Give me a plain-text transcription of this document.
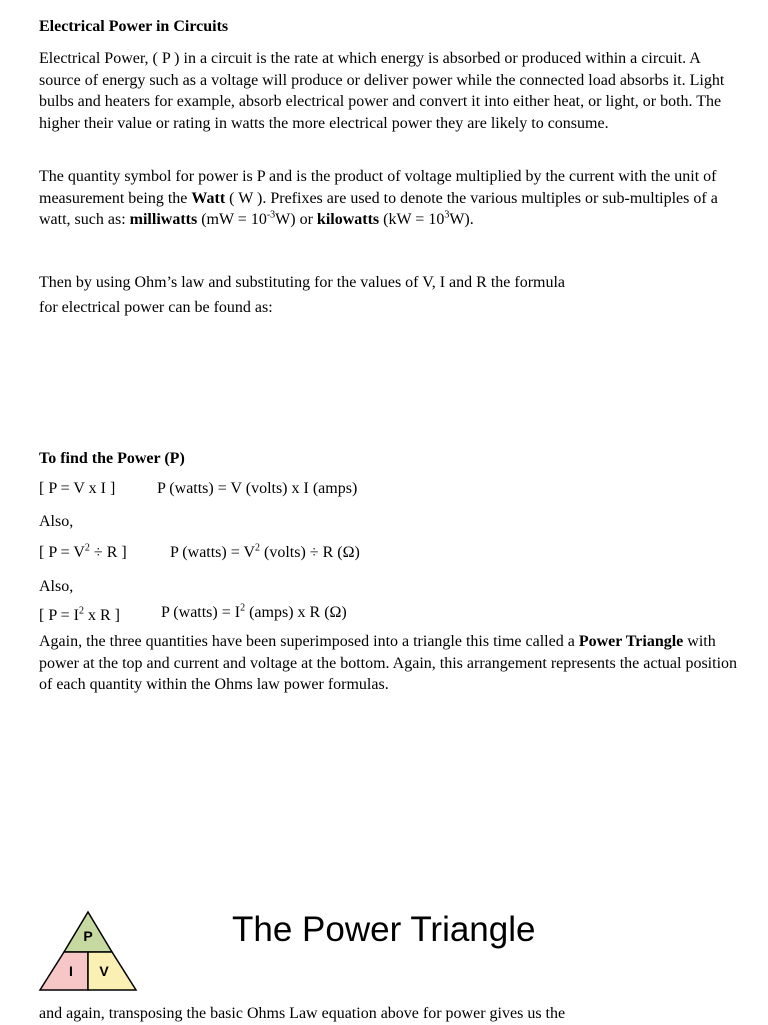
Electrical Power in Circuits

Electrical Power, ( P ) in a circuit is the rate at which energy is absorbed or produced within a circuit. A source of energy such as a voltage will produce or deliver power while the connected load absorbs it. Light bulbs and heaters for example, absorb electrical power and convert it into either heat, or light, or both. The higher their value or rating in watts the more electrical power they are likely to consume.

The quantity symbol for power is P and is the product of voltage multiplied by the current with the unit of measurement being the Watt ( W ). Prefixes are used to denote the various multiples or sub-multiples of a watt, such as: milliwatts $(mW = 10^{-3}W)$ or kilowatts $(kW = 10^3W)$.

Then by using Ohm’s law and substituting for the values of V, I and R the formula
for electrical power can be found as:
To find the Power (P)
[ P = V x I ]	P (watts) = V (volts) x I (amps)
Also,
[ $P = V^2 \div R$ ]	P (watts) = $V^2$ (volts) ÷ R (Ω)
Also,
[ $P = I^2$ x R ]	P (watts) = $I^2$ (amps) x R (Ω)

Again, the three quantities have been superimposed into a triangle this time called a Power Triangle with power at the top and current and voltage at the bottom. Again, this arrangement represents the actual position of each quantity within the Ohms law power formulas.

P
I V
The Power Triangle
and again, transposing the basic Ohms Law equation above for power gives us the
